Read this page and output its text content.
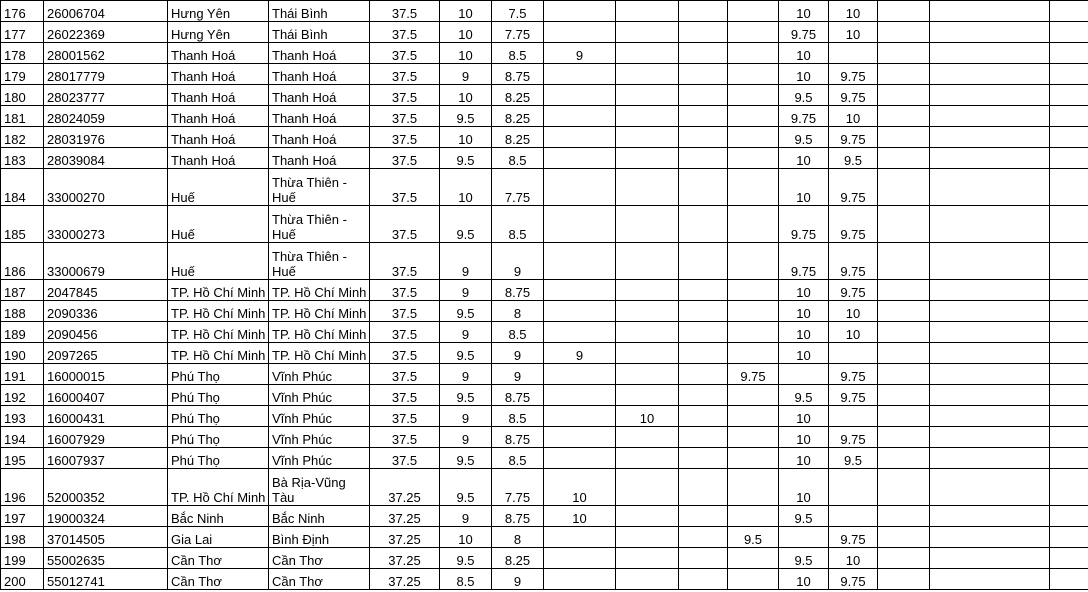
176	26006704	Hưng Yên	Thái Bình	37.5	10	7.5					10	10				
177	26022369	Hưng Yên	Thái Bình	37.5	10	7.75					9.75	10				
178	28001562	Thanh Hoá	Thanh Hoá	37.5	10	8.5	9				10					
179	28017779	Thanh Hoá	Thanh Hoá	37.5	9	8.75					10	9.75				
180	28023777	Thanh Hoá	Thanh Hoá	37.5	10	8.25					9.5	9.75				
181	28024059	Thanh Hoá	Thanh Hoá	37.5	9.5	8.25					9.75	10				
182	28031976	Thanh Hoá	Thanh Hoá	37.5	10	8.25					9.5	9.75				
183	28039084	Thanh Hoá	Thanh Hoá	37.5	9.5	8.5					10	9.5				
184	33000270	Huế	Thừa Thiên -Huế	37.5	10	7.75					10	9.75				
185	33000273	Huế	Thừa Thiên -Huế	37.5	9.5	8.5					9.75	9.75				
186	33000679	Huế	Thừa Thiên -Huế	37.5	9	9					9.75	9.75				
187	2047845	TP. Hồ Chí Minh	TP. Hồ Chí Minh	37.5	9	8.75					10	9.75				
188	2090336	TP. Hồ Chí Minh	TP. Hồ Chí Minh	37.5	9.5	8					10	10				
189	2090456	TP. Hồ Chí Minh	TP. Hồ Chí Minh	37.5	9	8.5					10	10				
190	2097265	TP. Hồ Chí Minh	TP. Hồ Chí Minh	37.5	9.5	9	9				10					
191	16000015	Phú Thọ	Vĩnh Phúc	37.5	9	9				9.75		9.75				
192	16000407	Phú Thọ	Vĩnh Phúc	37.5	9.5	8.75					9.5	9.75				
193	16000431	Phú Thọ	Vĩnh Phúc	37.5	9	8.5		10			10					
194	16007929	Phú Thọ	Vĩnh Phúc	37.5	9	8.75					10	9.75				
195	16007937	Phú Thọ	Vĩnh Phúc	37.5	9.5	8.5					10	9.5				
196	52000352	TP. Hồ Chí Minh	Bà Rịa-Vũng Tàu	37.25	9.5	7.75	10				10					
197	19000324	Bắc Ninh	Bắc Ninh	37.25	9	8.75	10				9.5					
198	37014505	Gia Lai	Bình Định	37.25	10	8				9.5		9.75				
199	55002635	Cần Thơ	Cần Thơ	37.25	9.5	8.25					9.5	10				
200	55012741	Cần Thơ	Cần Thơ	37.25	8.5	9					10	9.75				
